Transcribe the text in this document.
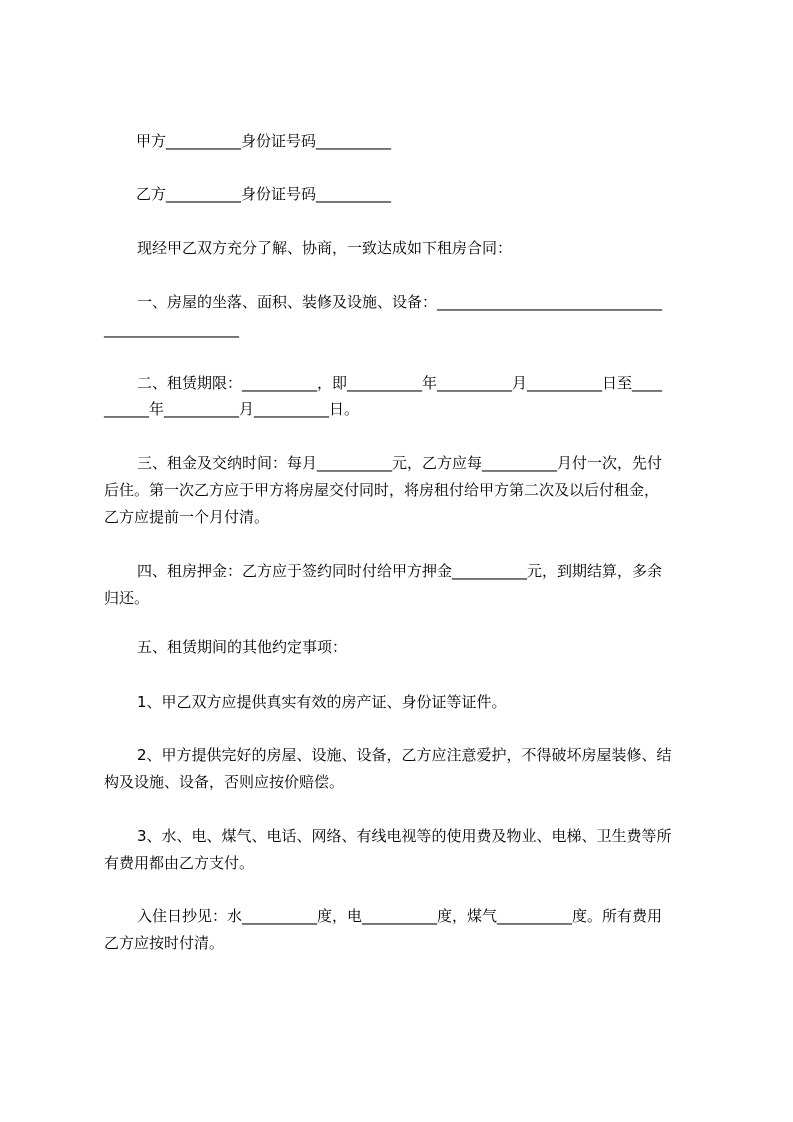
甲方__________身份证号码__________
乙方__________身份证号码__________
现经甲乙双方充分了解、协商，一致达成如下租房合同：
一、房屋的坐落、面积、装修及设施、设备：______________________________
__________________
二、租赁期限：__________，即__________年__________月__________日至____
______年__________月__________日。
三、租金及交纳时间：每月__________元，乙方应每__________月付一次，先付
后住。第一次乙方应于甲方将房屋交付同时，将房租付给甲方第二次及以后付租金，
乙方应提前一个月付清。
四、租房押金：乙方应于签约同时付给甲方押金__________元，到期结算，多余
归还。
五、租赁期间的其他约定事项：
1、甲乙双方应提供真实有效的房产证、身份证等证件。
2、甲方提供完好的房屋、设施、设备，乙方应注意爱护，不得破坏房屋装修、结
构及设施、设备，否则应按价赔偿。
3、水、电、煤气、电话、网络、有线电视等的使用费及物业、电梯、卫生费等所
有费用都由乙方支付。
入住日抄见：水__________度，电__________度，煤气__________度。所有费用
乙方应按时付清。
